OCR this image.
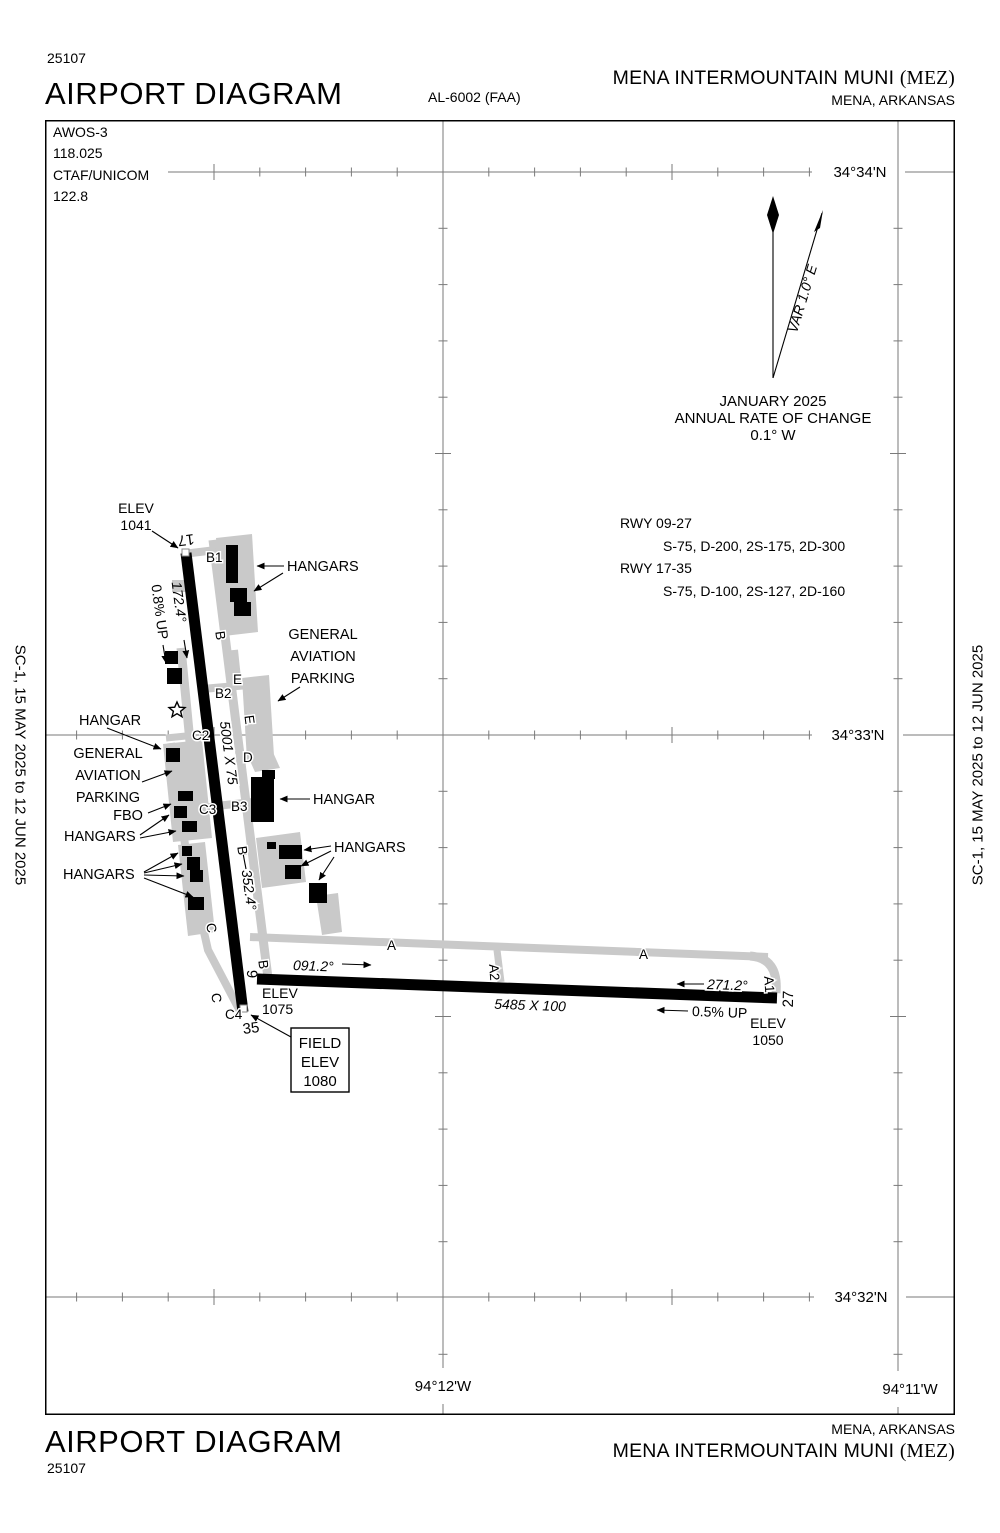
25107
AIRPORT DIAGRAM	AL-6002 (FAA)
MENA INTERMOUNTAIN MUNI (MEZ)
MENA, ARKANSAS
SC-1, 15 MAY 2025 to 12 JUN 2025	SC-1, 15 MAY 2025 to 12 JUN 2025
34°34'N
34°33'N
34°32'N
94°12'W	94°11'W
AWOS-3
118.025
CTAF/UNICOM
122.8
VAR 1.0° E
JANUARY 2025
ANNUAL RATE OF CHANGE
0.1° W
RWY 09-27
S-75, D-200, 2S-175, 2D-300
RWY 17-35
S-75, D-100, 2S-127, 2D-160
17
35
9
27
5001 X 75
5485 X 100
172.4°
0.8% UP
352.4°
091.2°
271.2°
0.5% UP
ELEV
1041
ELEV
1075
ELEV
1050
FIELD
ELEV
1080
B1
B
B2
E
E
C2
D
B3
C3
B
C
C
B
C4
A
A
A2
A1
HANGARS
GENERAL
AVIATION
PARKING
HANGAR
GENERAL
AVIATION
PARKING
FBO
HANGARS
HANGARS
HANGAR
HANGARS
AIRPORT DIAGRAM
25107
MENA, ARKANSAS
MENA INTERMOUNTAIN MUNI (MEZ)
